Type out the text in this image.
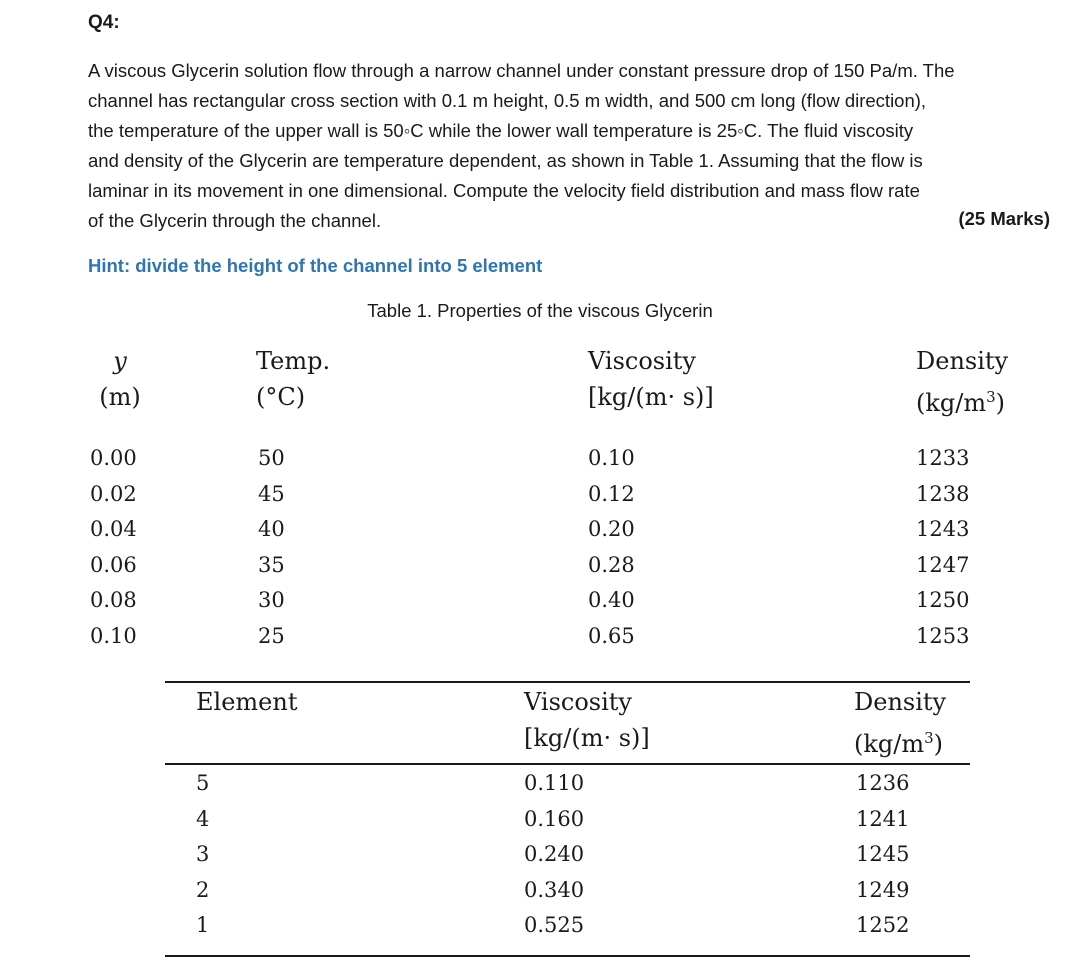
Q4:
A viscous Glycerin solution flow through a narrow channel under constant pressure drop of 150 Pa/m. The
channel has rectangular cross section with 0.1 m height, 0.5 m width, and 500 cm long (flow direction),
the temperature of the upper wall is 50◦C while the lower wall temperature is 25◦C. The fluid viscosity
and density of the Glycerin are temperature dependent, as shown in Table 1. Assuming that the flow is
laminar in its movement in one dimensional. Compute the velocity field distribution and mass flow rate
of the Glycerin through the channel.	(25 Marks)
Hint: divide the height of the channel into 5 element
Table 1. Properties of the viscous Glycerin
y
(m)
Temp.
(°C)
Viscosity
[kg/(m· s)]
Density
$(kg/m^3)$
0.00
0.02
0.04
0.06
0.08
0.10
50
45
40
35
30
25
0.10
0.12
0.20
0.28
0.40
0.65
1233
1238
1243
1247
1250
1253
Element	Viscosity
[kg/(m· s)]
Density
$(kg/m^3)$
5
4
3
2
1
0.110
0.160
0.240
0.340
0.525
1236
1241
1245
1249
1252
